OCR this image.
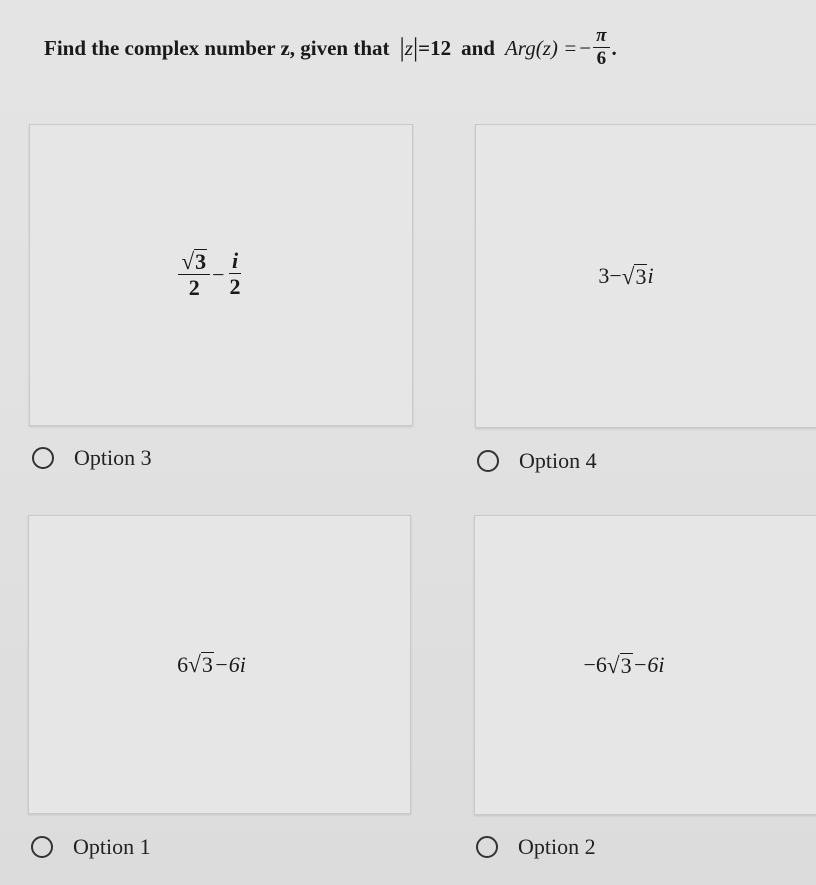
Find the complex number z, given that | z | =12 and Arg(z) = − $\frac{\pi}{6}$ .
$\frac{√ 3}{2} - \frac{i}{2}$	3− √ 3 i
Option 3	Option 4
6 √ 3 −6i	−6 √ 3 −6i
Option 1	Option 2
